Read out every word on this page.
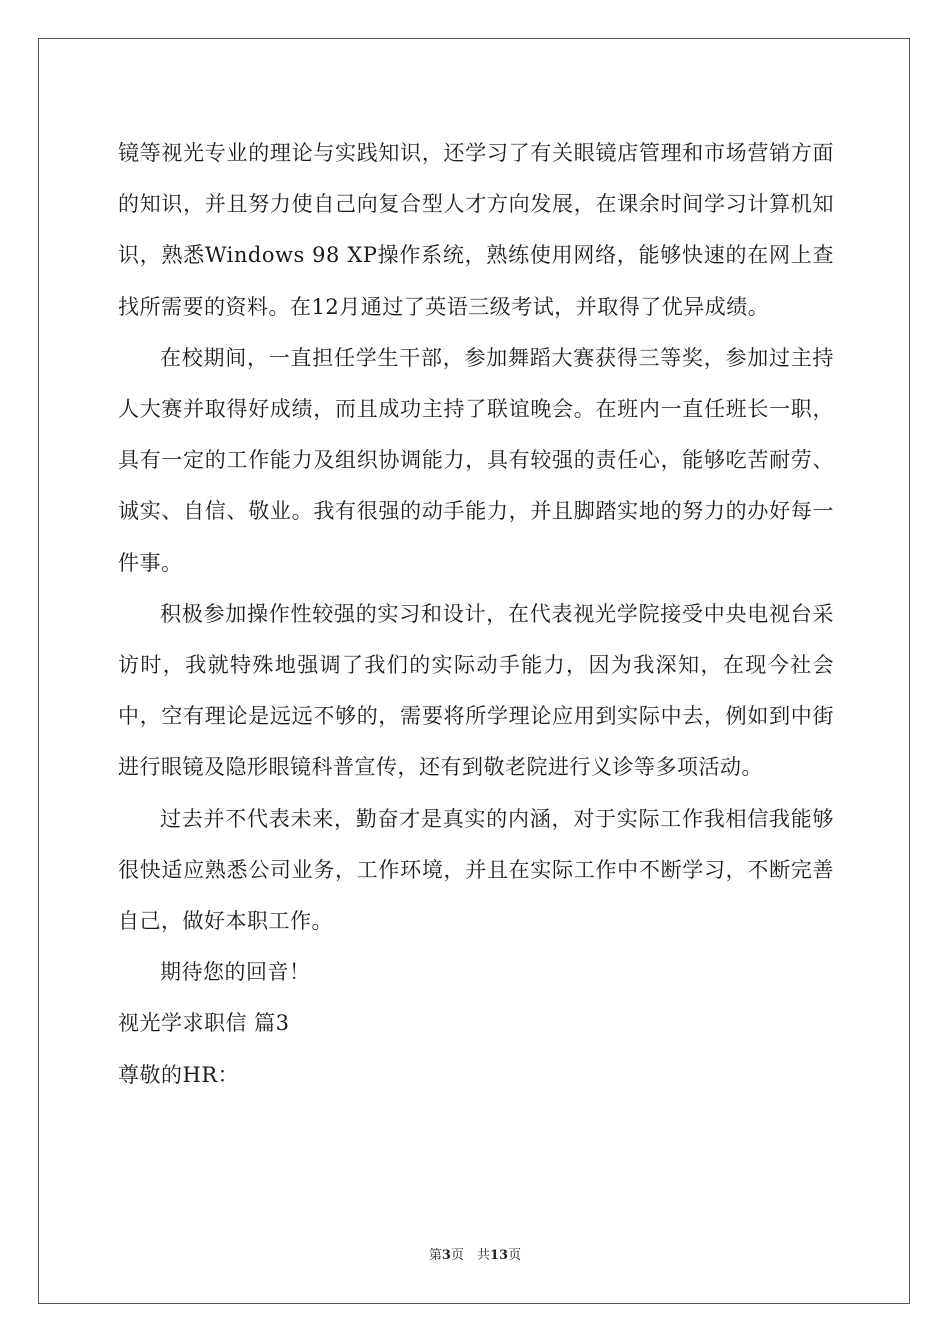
镜等视光专业的理论与实践知识，还学习了有关眼镜店管理和市场营销方面的知识，并且努力使自己向复合型人才方向发展，在课余时间学习计算机知识，熟悉Windows 98 XP操作系统，熟练使用网络，能够快速的在网上查找所需要的资料。在12月通过了英语三级考试，并取得了优异成绩。

在校期间，一直担任学生干部，参加舞蹈大赛获得三等奖，参加过主持人大赛并取得好成绩，而且成功主持了联谊晚会。在班内一直任班长一职，具有一定的工作能力及组织协调能力，具有较强的责任心，能够吃苦耐劳、诚实、自信、敬业。我有很强的动手能力，并且脚踏实地的努力的办好每一件事。

积极参加操作性较强的实习和设计，在代表视光学院接受中央电视台采访时，我就特殊地强调了我们的实际动手能力，因为我深知，在现今社会中，空有理论是远远不够的，需要将所学理论应用到实际中去，例如到中街进行眼镜及隐形眼镜科普宣传，还有到敬老院进行义诊等多项活动。

过去并不代表未来，勤奋才是真实的内涵，对于实际工作我相信我能够很快适应熟悉公司业务，工作环境，并且在实际工作中不断学习，不断完善自己，做好本职工作。

期待您的回音！

视光学求职信 篇3

尊敬的HR：

第3页　共13页
